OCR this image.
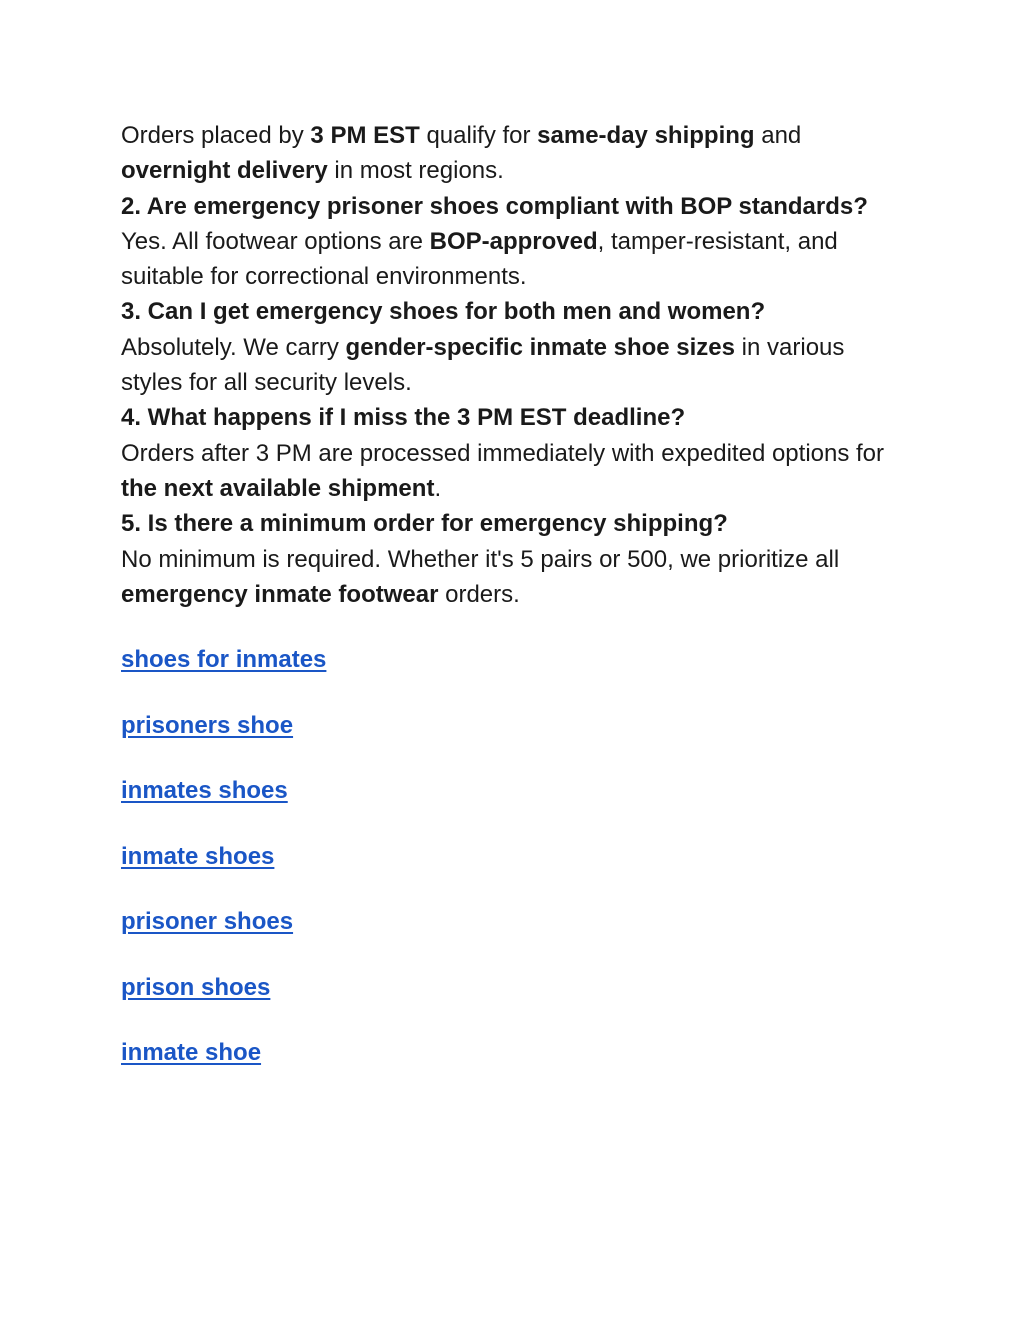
Orders placed by 3 PM EST qualify for same-day shipping and overnight delivery in most regions.

2. Are emergency prisoner shoes compliant with BOP standards?

Yes. All footwear options are BOP-approved, tamper-resistant, and suitable for correctional environments.

3. Can I get emergency shoes for both men and women?

Absolutely. We carry gender-specific inmate shoe sizes in various styles for all security levels.

4. What happens if I miss the 3 PM EST deadline?

Orders after 3 PM are processed immediately with expedited options for the next available shipment.

5. Is there a minimum order for emergency shipping?

No minimum is required. Whether it's 5 pairs or 500, we prioritize all emergency inmate footwear orders.

shoes for inmates
prisoners shoe
inmates shoes
inmate shoes
prisoner shoes
prison shoes
inmate shoe
